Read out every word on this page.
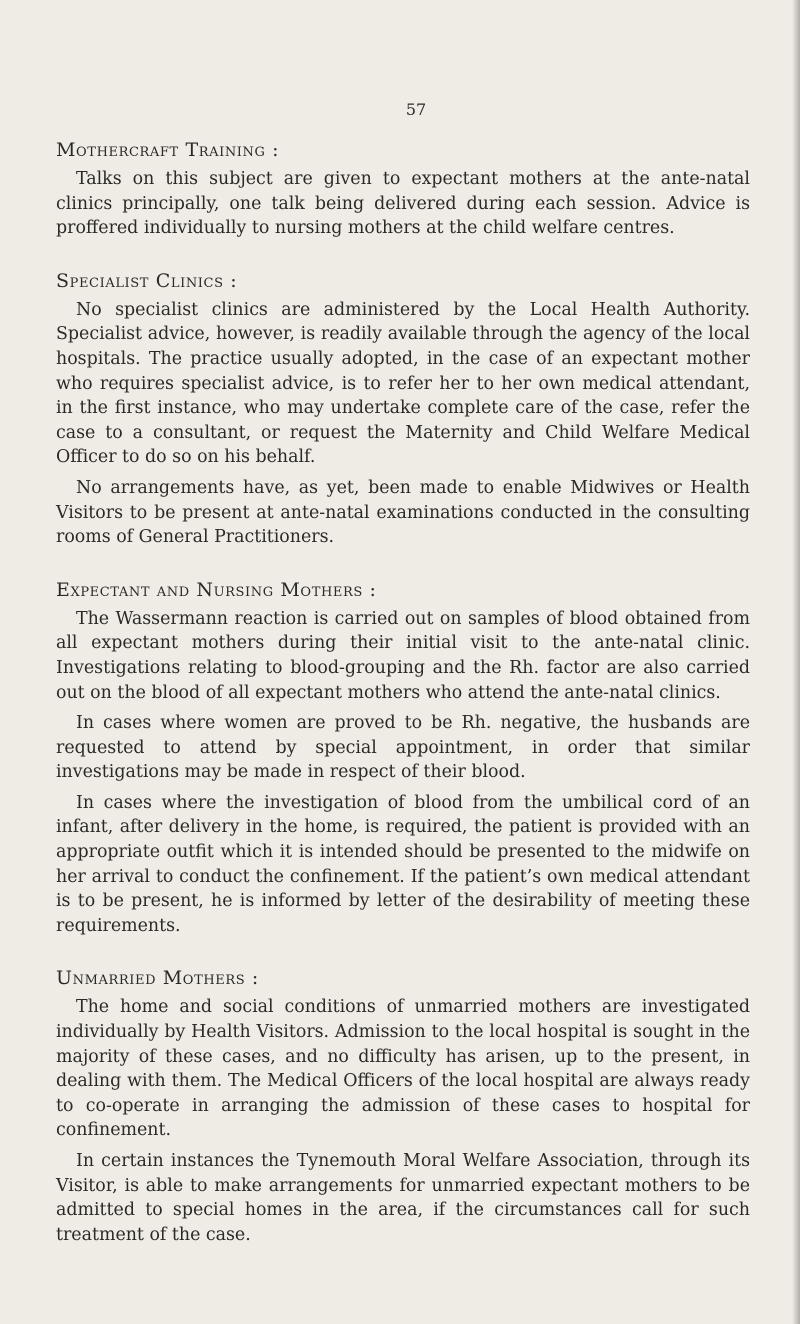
57
Mothercraft Training :

Talks on this subject are given to expectant mothers at the ante-natal clinics principally, one talk being delivered during each session. Advice is proffered individually to nursing mothers at the child welfare centres.

Specialist Clinics :

No specialist clinics are administered by the Local Health Authority. Specialist advice, however, is readily available through the agency of the local hospitals. The practice usually adopted, in the case of an expectant mother who requires specialist advice, is to refer her to her own medical attendant, in the first instance, who may undertake complete care of the case, refer the case to a consultant, or request the Maternity and Child Welfare Medical Officer to do so on his behalf.

No arrangements have, as yet, been made to enable Midwives or Health Visitors to be present at ante-natal examinations conducted in the consulting rooms of General Practitioners.

Expectant and Nursing Mothers :

The Wassermann reaction is carried out on samples of blood obtained from all expectant mothers during their initial visit to the ante-natal clinic. Investigations relating to blood-grouping and the Rh. factor are also carried out on the blood of all expectant mothers who attend the ante-natal clinics.

In cases where women are proved to be Rh. negative, the husbands are requested to attend by special appointment, in order that similar investigations may be made in respect of their blood.

In cases where the investigation of blood from the umbilical cord of an infant, after delivery in the home, is required, the patient is provided with an appropriate outfit which it is intended should be presented to the midwife on her arrival to conduct the confinement. If the patient’s own medical attendant is to be present, he is informed by letter of the desirability of meeting these requirements.

Unmarried Mothers :

The home and social conditions of unmarried mothers are investigated individually by Health Visitors. Admission to the local hospital is sought in the majority of these cases, and no difficulty has arisen, up to the present, in dealing with them. The Medical Officers of the local hospital are always ready to co-operate in arranging the admission of these cases to hospital for confinement.

In certain instances the Tynemouth Moral Welfare Association, through its Visitor, is able to make arrangements for unmarried expectant mothers to be admitted to special homes in the area, if the circumstances call for such treatment of the case.
